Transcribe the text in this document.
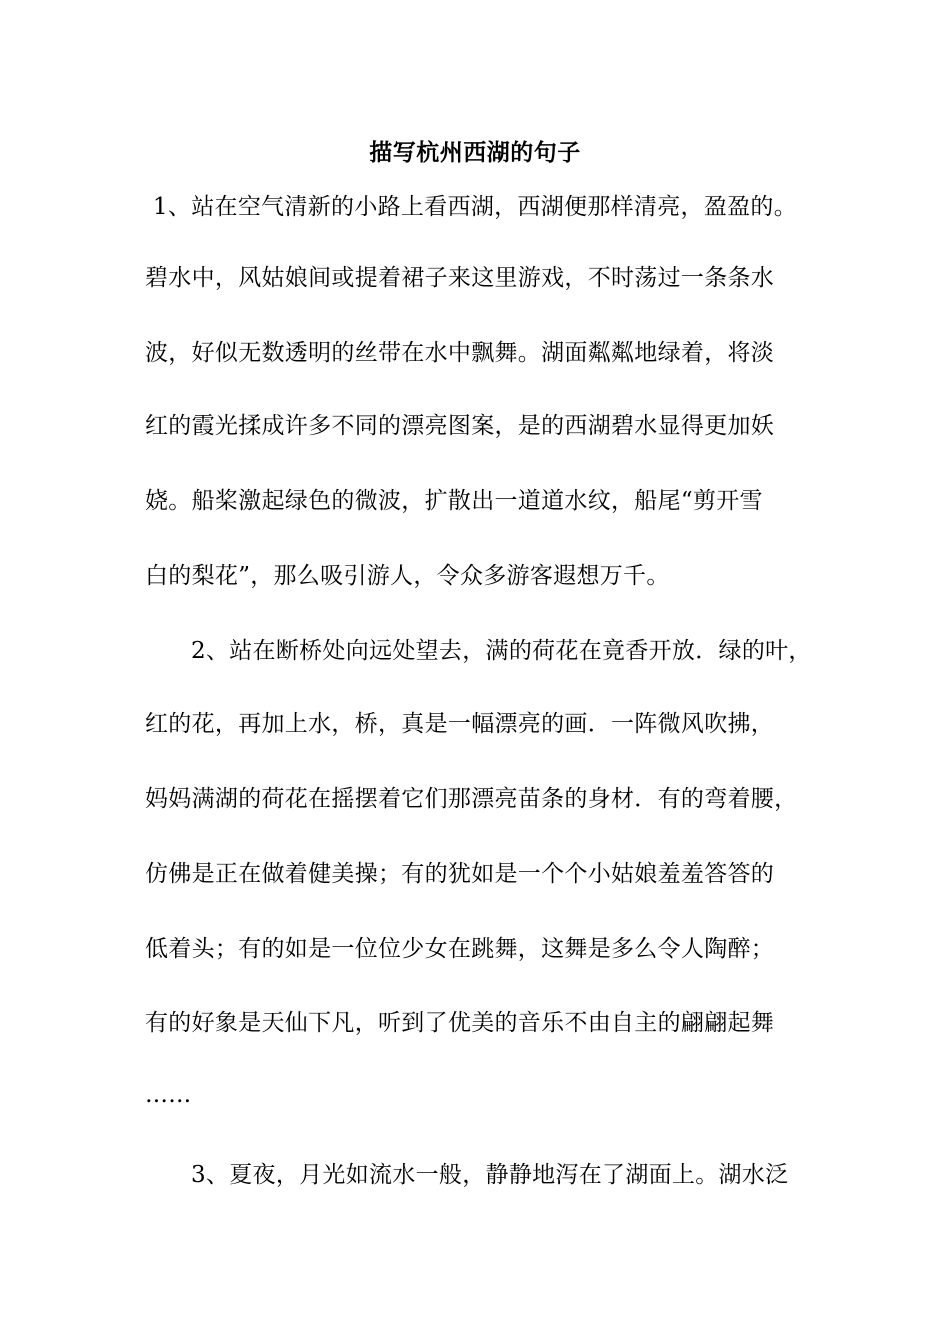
描写杭州西湖的句子

1、站在空气清新的小路上看西湖，西湖便那样清亮，盈盈的。

碧水中，风姑娘间或提着裙子来这里游戏，不时荡过一条条水

波，好似无数透明的丝带在水中飘舞。湖面粼粼地绿着，将淡

红的霞光揉成许多不同的漂亮图案，是的西湖碧水显得更加妖

娆。船桨激起绿色的微波，扩散出一道道水纹，船尾“剪开雪

白的梨花”，那么吸引游人，令众多游客遐想万千。

2、站在断桥处向远处望去，满的荷花在竟香开放．绿的叶，

红的花，再加上水，桥，真是一幅漂亮的画．一阵微风吹拂，

妈妈满湖的荷花在摇摆着它们那漂亮苗条的身材．有的弯着腰，

仿佛是正在做着健美操；有的犹如是一个个小姑娘羞羞答答的

低着头；有的如是一位位少女在跳舞，这舞是多么令人陶醉；

有的好象是天仙下凡，听到了优美的音乐不由自主的翩翩起舞

……

3、夏夜，月光如流水一般，静静地泻在了湖面上。湖水泛
